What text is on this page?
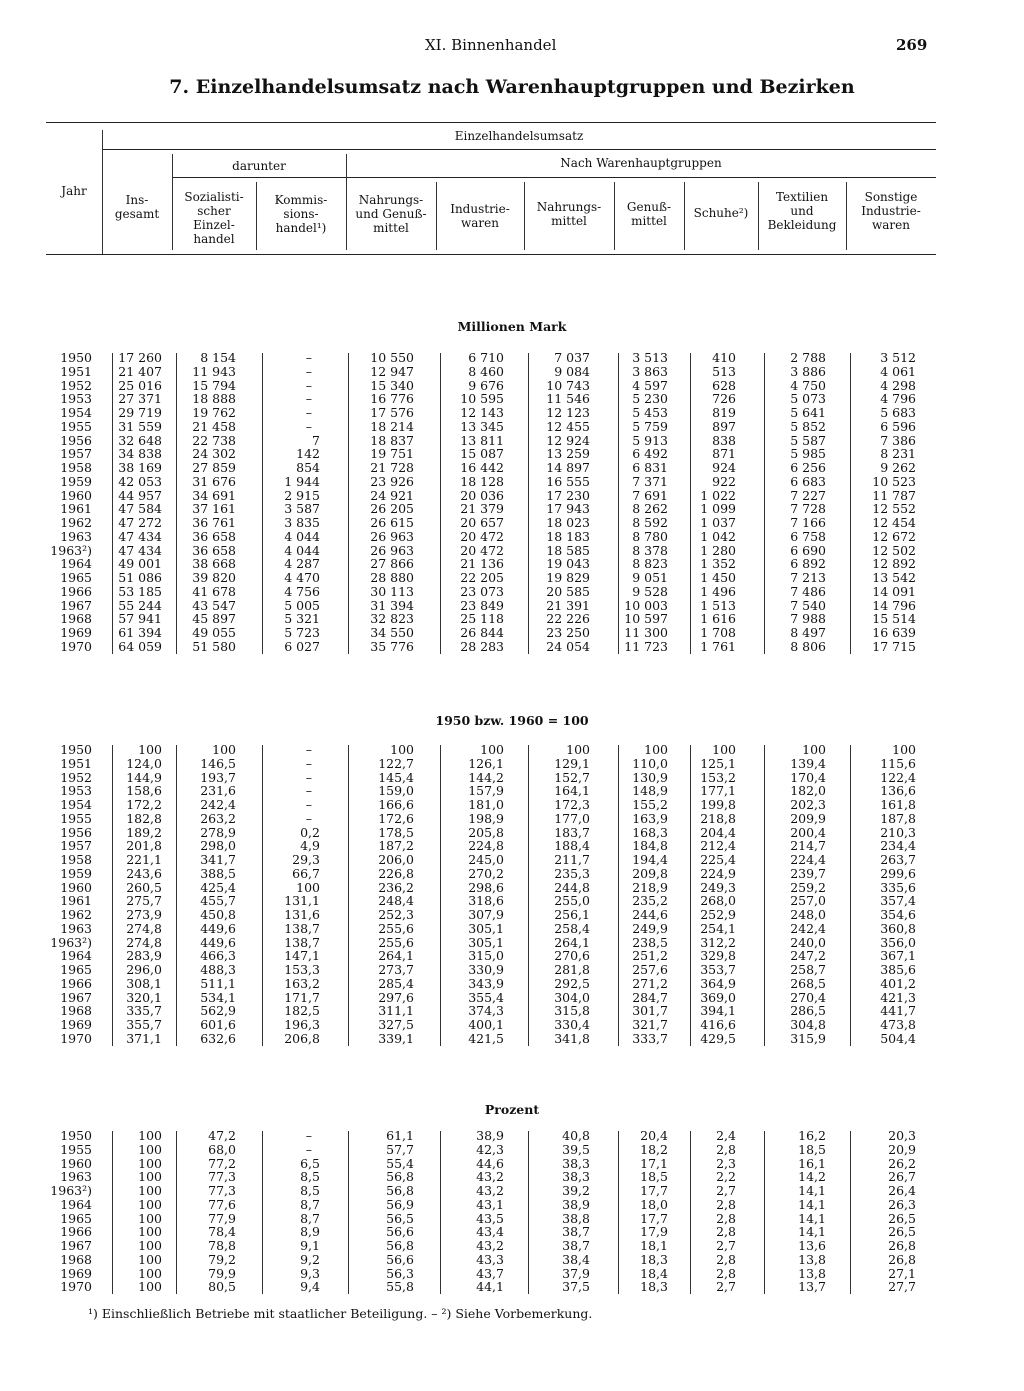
XI. Binnenhandel	269
7. Einzelhandelsumsatz nach Warenhauptgruppen und Bezirken
Einzelhandelsumsatz
darunter	Nach Warenhauptgruppen
Jahr
Ins-
gesamt
Sozialisti-
scher
Einzel-
handel
Kommis-
sions-
handel¹)
Nahrungs-
und Genuß-
mittel
Industrie-
waren
Nahrungs-
mittel
Genuß-
mittel
Schuhe²)
Textilien
und
Bekleidung
Sonstige
Industrie-
waren
Millionen Mark
1950
1951
1952
1953
1954
1955
1956
1957
1958
1959
1960
1961
1962
1963
1963²)
1964
1965
1966
1967
1968
1969
1970
17 260
21 407
25 016
27 371
29 719
31 559
32 648
34 838
38 169
42 053
44 957
47 584
47 272
47 434
47 434
49 001
51 086
53 185
55 244
57 941
61 394
64 059
8 154
11 943
15 794
18 888
19 762
21 458
22 738
24 302
27 859
31 676
34 691
37 161
36 761
36 658
36 658
38 668
39 820
41 678
43 547
45 897
49 055
51 580
–
–
–
–
–
–
7
142
854
1 944
2 915
3 587
3 835
4 044
4 044
4 287
4 470
4 756
5 005
5 321
5 723
6 027
10 550
12 947
15 340
16 776
17 576
18 214
18 837
19 751
21 728
23 926
24 921
26 205
26 615
26 963
26 963
27 866
28 880
30 113
31 394
32 823
34 550
35 776
6 710
8 460
9 676
10 595
12 143
13 345
13 811
15 087
16 442
18 128
20 036
21 379
20 657
20 472
20 472
21 136
22 205
23 073
23 849
25 118
26 844
28 283
7 037
9 084
10 743
11 546
12 123
12 455
12 924
13 259
14 897
16 555
17 230
17 943
18 023
18 183
18 585
19 043
19 829
20 585
21 391
22 226
23 250
24 054
3 513
3 863
4 597
5 230
5 453
5 759
5 913
6 492
6 831
7 371
7 691
8 262
8 592
8 780
8 378
8 823
9 051
9 528
10 003
10 597
11 300
11 723
410
513
628
726
819
897
838
871
924
922
1 022
1 099
1 037
1 042
1 280
1 352
1 450
1 496
1 513
1 616
1 708
1 761
2 788
3 886
4 750
5 073
5 641
5 852
5 587
5 985
6 256
6 683
7 227
7 728
7 166
6 758
6 690
6 892
7 213
7 486
7 540
7 988
8 497
8 806
3 512
4 061
4 298
4 796
5 683
6 596
7 386
8 231
9 262
10 523
11 787
12 552
12 454
12 672
12 502
12 892
13 542
14 091
14 796
15 514
16 639
17 715
1950 bzw. 1960 = 100
1950
1951
1952
1953
1954
1955
1956
1957
1958
1959
1960
1961
1962
1963
1963²)
1964
1965
1966
1967
1968
1969
1970
100
124,0
144,9
158,6
172,2
182,8
189,2
201,8
221,1
243,6
260,5
275,7
273,9
274,8
274,8
283,9
296,0
308,1
320,1
335,7
355,7
371,1
100
146,5
193,7
231,6
242,4
263,2
278,9
298,0
341,7
388,5
425,4
455,7
450,8
449,6
449,6
466,3
488,3
511,1
534,1
562,9
601,6
632,6
–
–
–
–
–
–
0,2
4,9
29,3
66,7
100
131,1
131,6
138,7
138,7
147,1
153,3
163,2
171,7
182,5
196,3
206,8
100
122,7
145,4
159,0
166,6
172,6
178,5
187,2
206,0
226,8
236,2
248,4
252,3
255,6
255,6
264,1
273,7
285,4
297,6
311,1
327,5
339,1
100
126,1
144,2
157,9
181,0
198,9
205,8
224,8
245,0
270,2
298,6
318,6
307,9
305,1
305,1
315,0
330,9
343,9
355,4
374,3
400,1
421,5
100
129,1
152,7
164,1
172,3
177,0
183,7
188,4
211,7
235,3
244,8
255,0
256,1
258,4
264,1
270,6
281,8
292,5
304,0
315,8
330,4
341,8
100
110,0
130,9
148,9
155,2
163,9
168,3
184,8
194,4
209,8
218,9
235,2
244,6
249,9
238,5
251,2
257,6
271,2
284,7
301,7
321,7
333,7
100
125,1
153,2
177,1
199,8
218,8
204,4
212,4
225,4
224,9
249,3
268,0
252,9
254,1
312,2
329,8
353,7
364,9
369,0
394,1
416,6
429,5
100
139,4
170,4
182,0
202,3
209,9
200,4
214,7
224,4
239,7
259,2
257,0
248,0
242,4
240,0
247,2
258,7
268,5
270,4
286,5
304,8
315,9
100
115,6
122,4
136,6
161,8
187,8
210,3
234,4
263,7
299,6
335,6
357,4
354,6
360,8
356,0
367,1
385,6
401,2
421,3
441,7
473,8
504,4
Prozent
1950
1955
1960
1963
1963²)
1964
1965
1966
1967
1968
1969
1970
100
100
100
100
100
100
100
100
100
100
100
100
47,2
68,0
77,2
77,3
77,3
77,6
77,9
78,4
78,8
79,2
79,9
80,5
–
–
6,5
8,5
8,5
8,7
8,7
8,9
9,1
9,2
9,3
9,4
61,1
57,7
55,4
56,8
56,8
56,9
56,5
56,6
56,8
56,6
56,3
55,8
38,9
42,3
44,6
43,2
43,2
43,1
43,5
43,4
43,2
43,3
43,7
44,1
40,8
39,5
38,3
38,3
39,2
38,9
38,8
38,7
38,7
38,4
37,9
37,5
20,4
18,2
17,1
18,5
17,7
18,0
17,7
17,9
18,1
18,3
18,4
18,3
2,4
2,8
2,3
2,2
2,7
2,8
2,8
2,8
2,7
2,8
2,8
2,7
16,2
18,5
16,1
14,2
14,1
14,1
14,1
14,1
13,6
13,8
13,8
13,7
20,3
20,9
26,2
26,7
26,4
26,3
26,5
26,5
26,8
26,8
27,1
27,7
¹) Einschließlich Betriebe mit staatlicher Beteiligung. – ²) Siehe Vorbemerkung.
